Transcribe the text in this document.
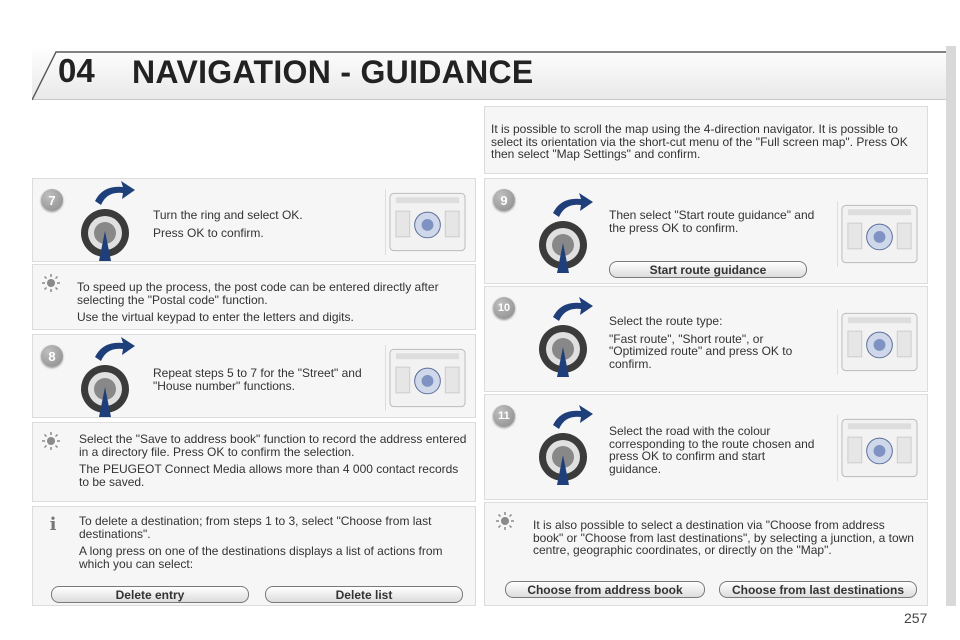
04 NAVIGATION - GUIDANCE
It is possible to scroll the map using the 4-direction navigator. It is possible to select its orientation via the short-cut menu of the "Full screen map". Press OK then select "Map Settings" and confirm.
7

Turn the ring and select OK.

Press OK to confirm.

To speed up the process, the post code can be entered directly after selecting the "Postal code" function.

Use the virtual keypad to enter the letters and digits.

8

Repeat steps 5 to 7 for the "Street" and "House number" functions.

Select the "Save to address book" function to record the address entered in a directory file. Press OK to confirm the selection.

The PEUGEOT Connect Media allows more than 4 000 contact records to be saved.

i	To delete a destination; from steps 1 to 3, select "Choose from last destinations".

A long press on one of the destinations displays a list of actions from which you can select:

Delete entry	Delete list
9

Then select "Start route guidance" and the press OK to confirm.

Start route guidance
10

Select the route type:

"Fast route", "Short route", or "Optimized route" and press OK to confirm.

11

Select the road with the colour corresponding to the route chosen and press OK to confirm and start guidance.

It is also possible to select a destination via "Choose from address book" or "Choose from last destinations", by selecting a junction, a town centre, geographic coordinates, or directly on the "Map".

Choose from address book	Choose from last destinations
257
